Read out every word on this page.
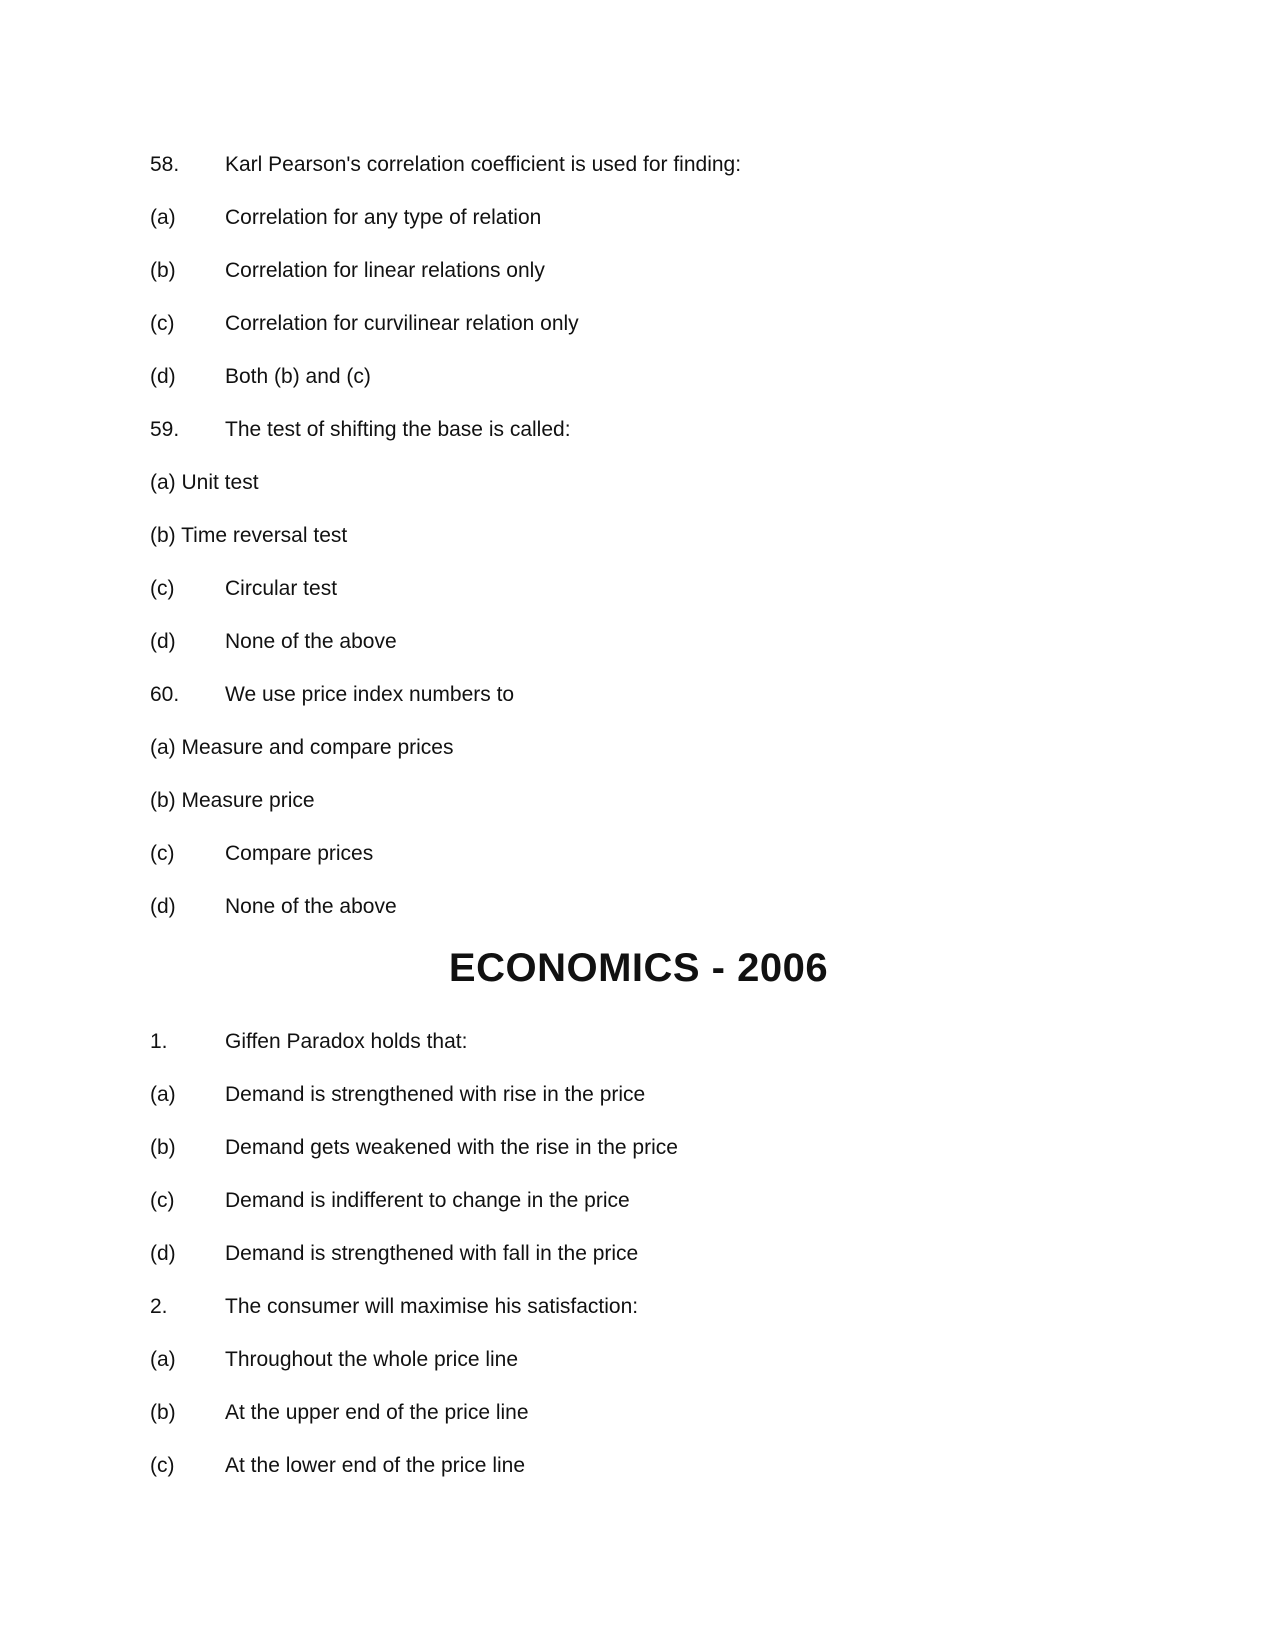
58. Karl Pearson's correlation coefficient is used for finding:
(a) Correlation for any type of relation
(b) Correlation for linear relations only
(c) Correlation for curvilinear relation only
(d) Both (b) and (c)
59. The test of shifting the base is called:
(a) Unit test
(b) Time reversal test
(c) Circular test
(d) None of the above
60. We use price index numbers to
(a) Measure and compare prices
(b) Measure price
(c) Compare prices
(d) None of the above
ECONOMICS - 2006
1.	Giffen Paradox holds that:
(a) Demand is strengthened with rise in the price
(b) Demand gets weakened with the rise in the price
(c) Demand is indifferent to change in the price
(d) Demand is strengthened with fall in the price
2.	The consumer will maximise his satisfaction:
(a) Throughout the whole price line
(b) At the upper end of the price line
(c) At the lower end of the price line
